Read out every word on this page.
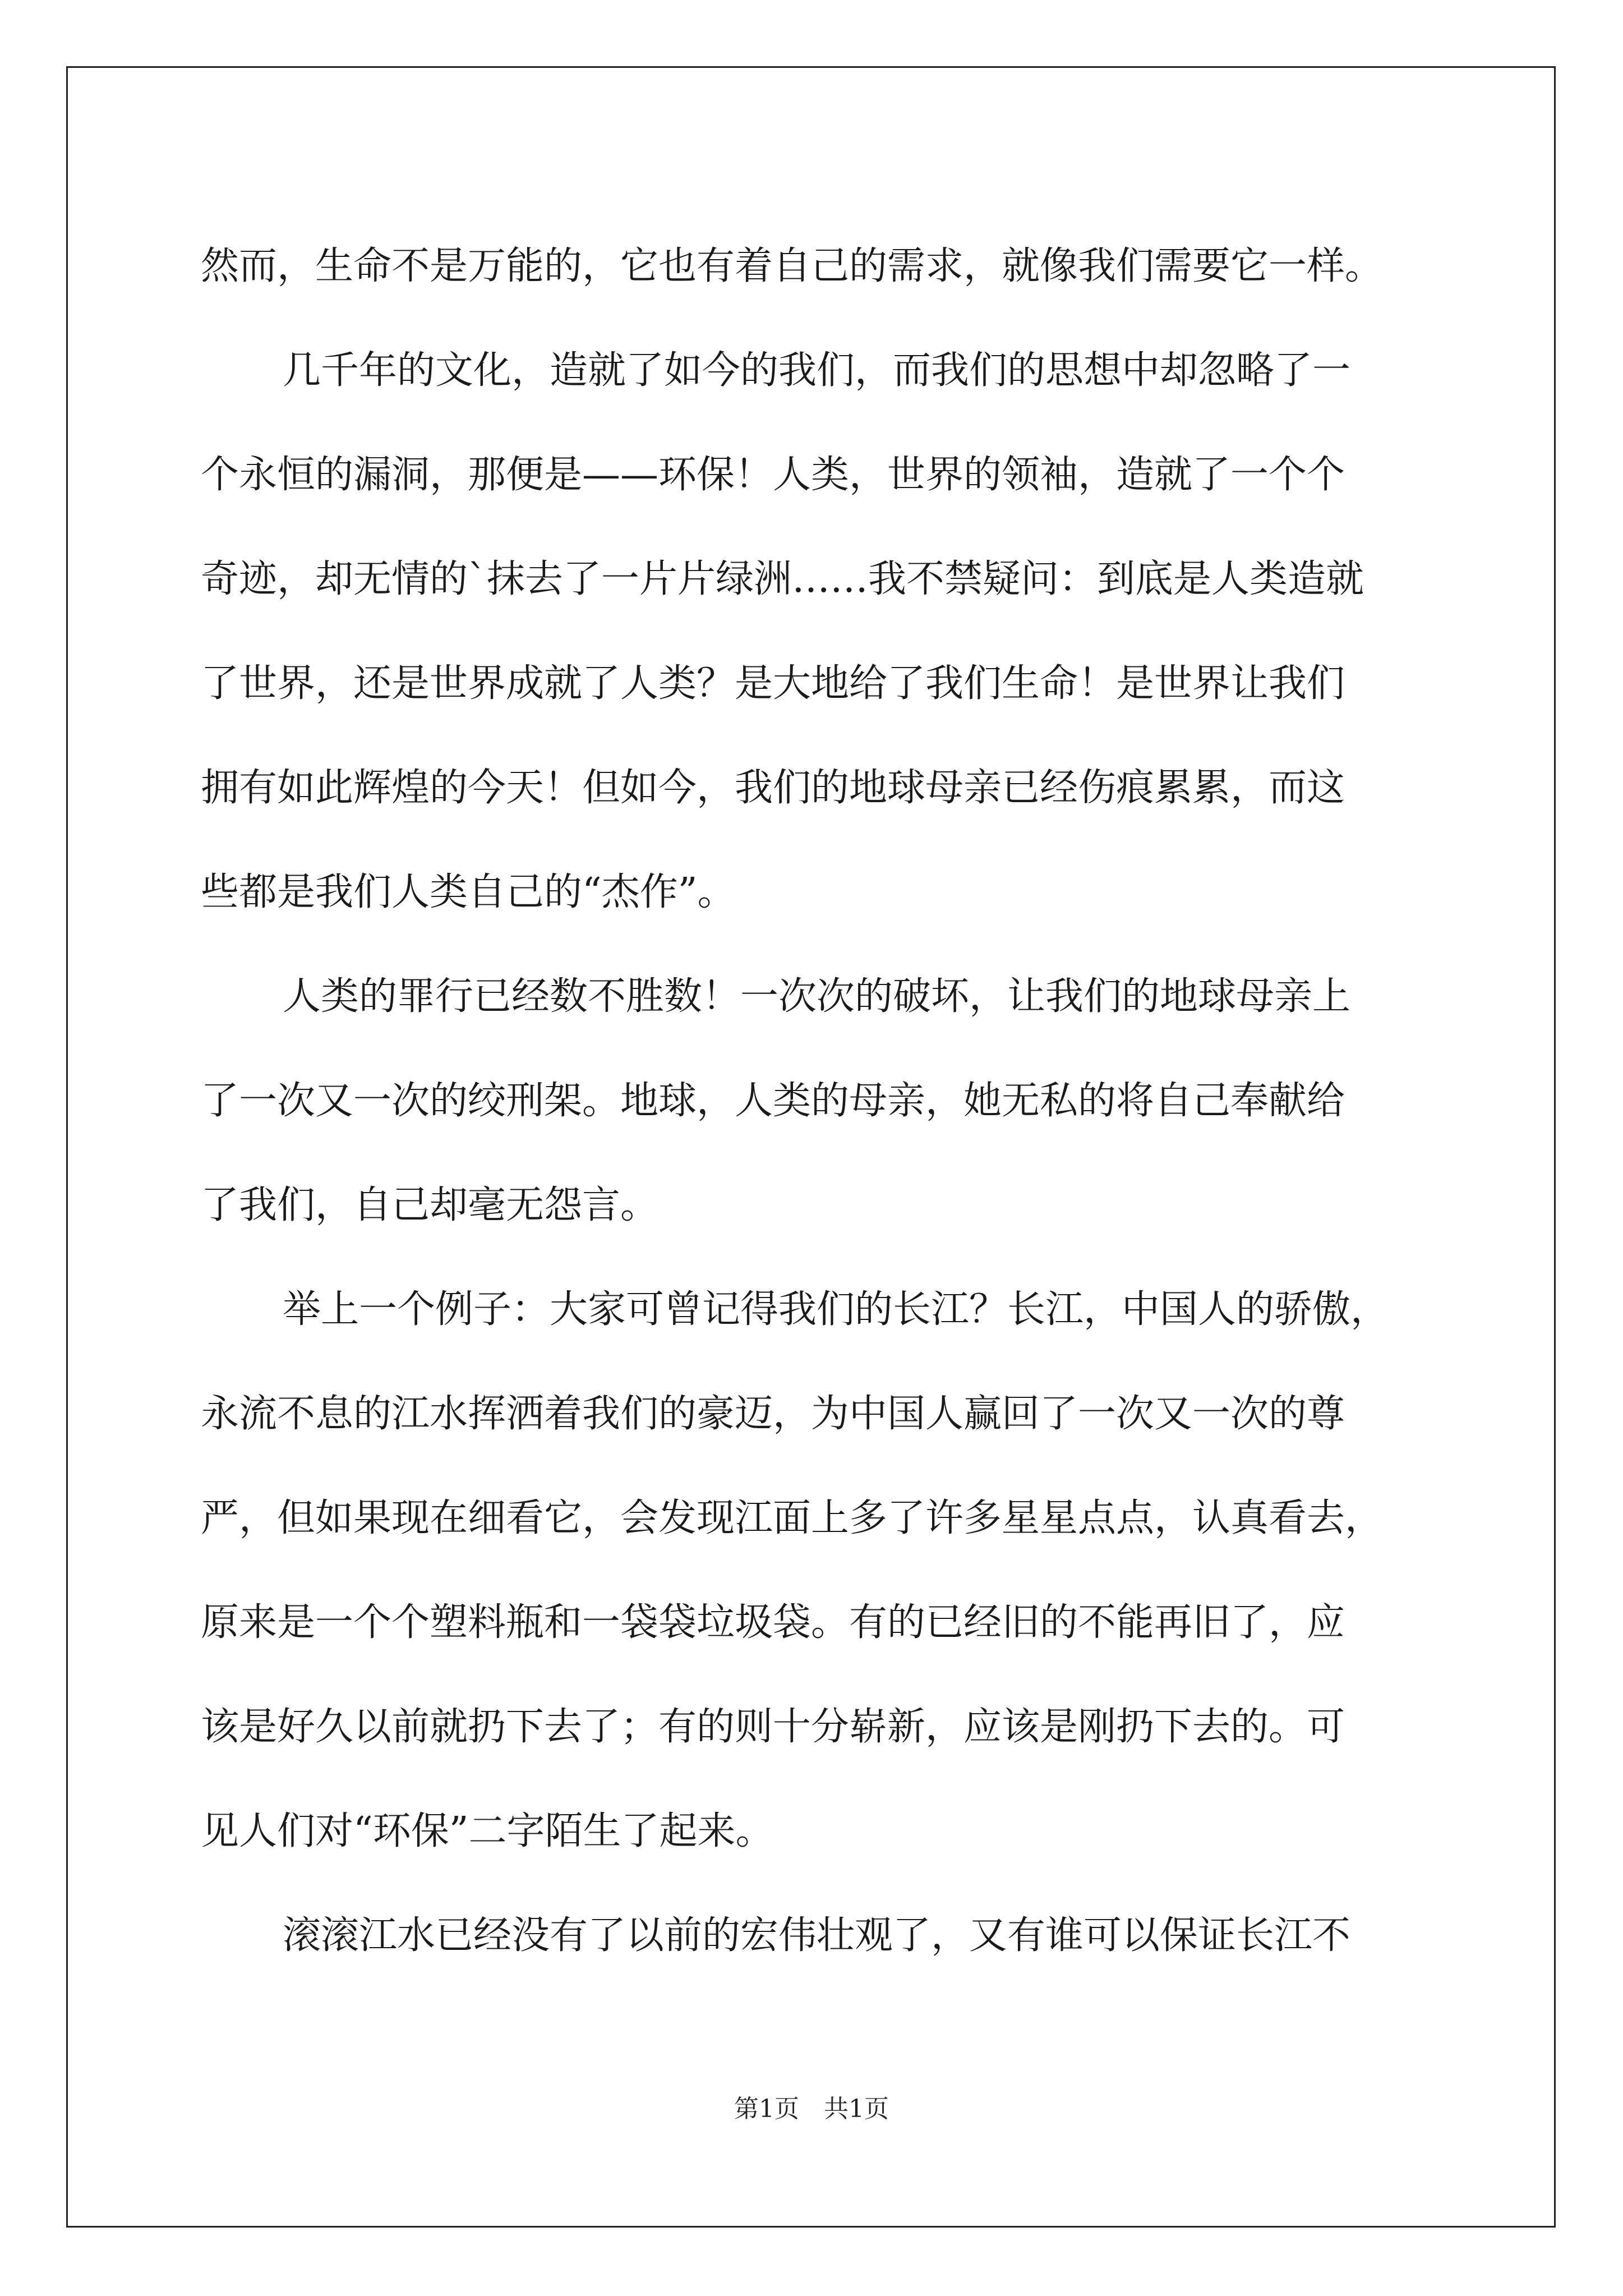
然而，生命不是万能的，它也有着自己的需求，就像我们需要它一样。
几千年的文化，造就了如今的我们，而我们的思想中却忽略了一
个永恒的漏洞，那便是——环保！人类，世界的领袖，造就了一个个
奇迹，却无情的`抹去了一片片绿洲……我不禁疑问：到底是人类造就
了世界，还是世界成就了人类？是大地给了我们生命！是世界让我们
拥有如此辉煌的今天！但如今，我们的地球母亲已经伤痕累累，而这
些都是我们人类自己的“杰作”。
人类的罪行已经数不胜数！一次次的破坏，让我们的地球母亲上
了一次又一次的绞刑架。地球，人类的母亲，她无私的将自己奉献给
了我们，自己却毫无怨言。
举上一个例子：大家可曾记得我们的长江？长江，中国人的骄傲，
永流不息的江水挥洒着我们的豪迈，为中国人赢回了一次又一次的尊
严，但如果现在细看它，会发现江面上多了许多星星点点，认真看去，
原来是一个个塑料瓶和一袋袋垃圾袋。有的已经旧的不能再旧了，应
该是好久以前就扔下去了；有的则十分崭新，应该是刚扔下去的。可
见人们对“环保”二字陌生了起来。
滚滚江水已经没有了以前的宏伟壮观了，又有谁可以保证长江不
第1页 共1页
